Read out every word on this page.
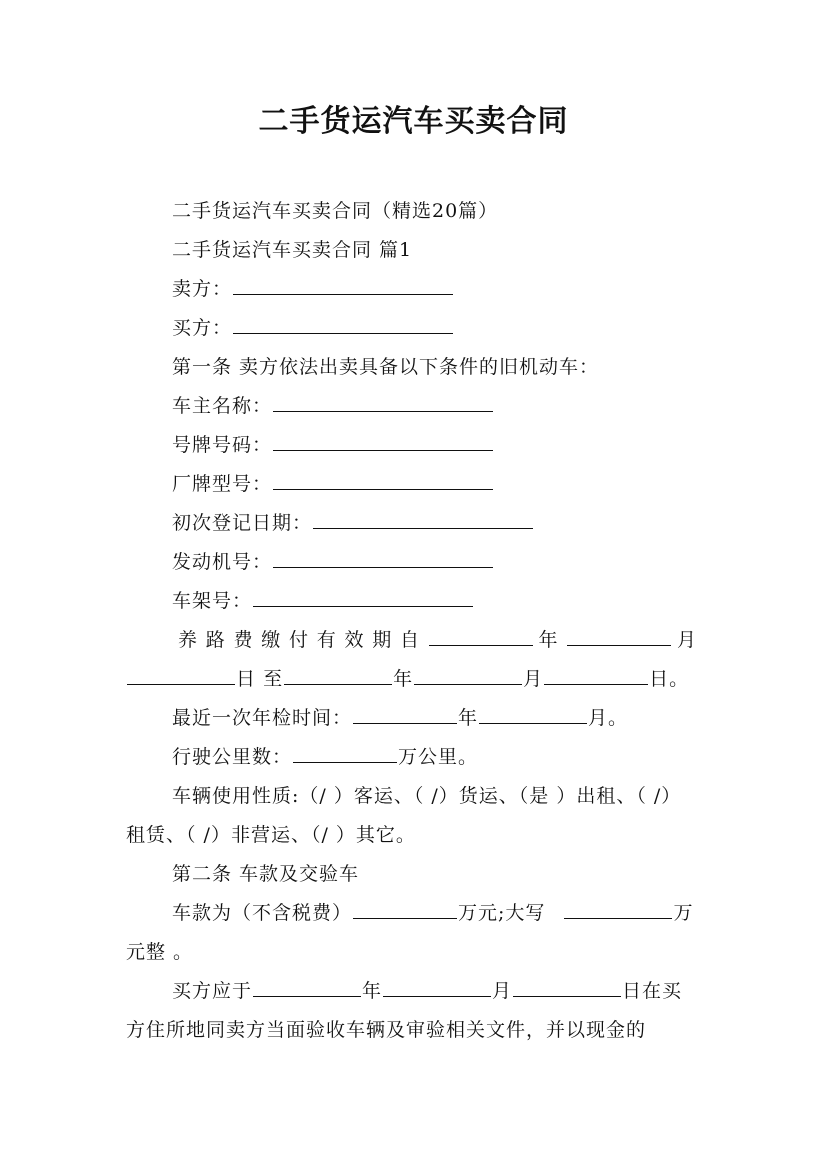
二手货运汽车买卖合同
二手货运汽车买卖合同（精选20篇）
二手货运汽车买卖合同 篇1
卖方：
买方：
第一条 卖方依法出卖具备以下条件的旧机动车：
车主名称：
号牌号码：
厂牌型号：
初次登记日期：
发动机号：
车架号：
养路费缴付有效期自	年	月
日 至	年	月	日。
最近一次年检时间：	年	月。
行驶公里数：	万公里。
车辆使用性质:（/ ）客运、（ /）货运、（是 ）出租、（ /）
租赁、（ /）非营运、（/ ）其它。
第二条 车款及交验车
车款为（不含税费）	万元;大写	万
元整 。
买方应于	年	月	日在买
方住所地同卖方当面验收车辆及审验相关文件，并以现金的
